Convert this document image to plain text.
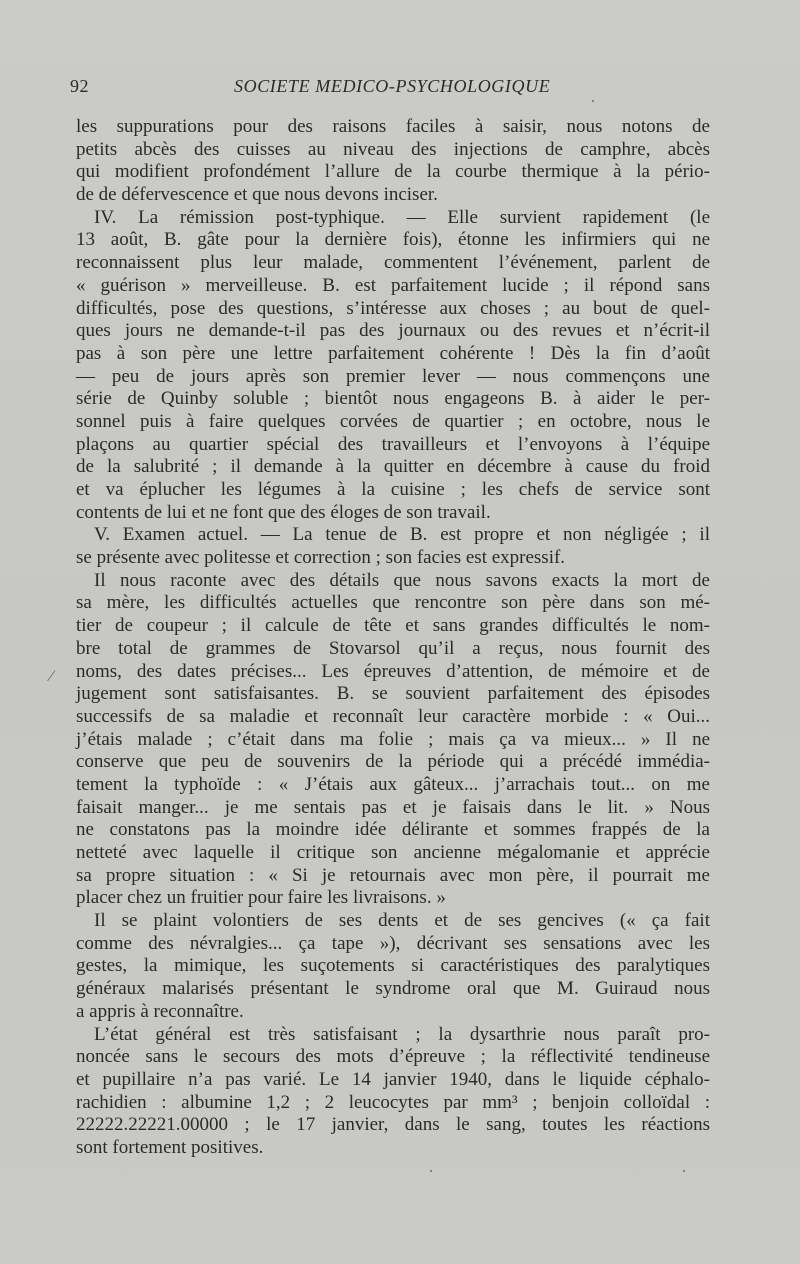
92	SOCIETE MEDICO-PSYCHOLOGIQUE
⁄
les suppurations pour des raisons faciles à saisir, nous notons de
petits abcès des cuisses au niveau des injections de camphre, abcès
qui modifient profondément l’allure de la courbe thermique à la pério-
de de défervescence et que nous devons inciser.
IV. La rémission post-typhique. — Elle survient rapidement (le
13 août, B. gâte pour la dernière fois), étonne les infirmiers qui ne
reconnaissent plus leur malade, commentent l’événement, parlent de
« guérison » merveilleuse. B. est parfaitement lucide ; il répond sans
difficultés, pose des questions, s’intéresse aux choses ; au bout de quel-
ques jours ne demande-t-il pas des journaux ou des revues et n’écrit-il
pas à son père une lettre parfaitement cohérente ! Dès la fin d’août
— peu de jours après son premier lever — nous commençons une
série de Quinby soluble ; bientôt nous engageons B. à aider le per-
sonnel puis à faire quelques corvées de quartier ; en octobre, nous le
plaçons au quartier spécial des travailleurs et l’envoyons à l’équipe
de la salubrité ; il demande à la quitter en décembre à cause du froid
et va éplucher les légumes à la cuisine ; les chefs de service sont
contents de lui et ne font que des éloges de son travail.
V. Examen actuel. — La tenue de B. est propre et non négligée ; il
se présente avec politesse et correction ; son facies est expressif.
Il nous raconte avec des détails que nous savons exacts la mort de
sa mère, les difficultés actuelles que rencontre son père dans son mé-
tier de coupeur ; il calcule de tête et sans grandes difficultés le nom-
bre total de grammes de Stovarsol qu’il a reçus, nous fournit des
noms, des dates précises... Les épreuves d’attention, de mémoire et de
jugement sont satisfaisantes. B. se souvient parfaitement des épisodes
successifs de sa maladie et reconnaît leur caractère morbide : « Oui...
j’étais malade ; c’était dans ma folie ; mais ça va mieux... » Il ne
conserve que peu de souvenirs de la période qui a précédé immédia-
tement la typhoïde : « J’étais aux gâteux... j’arrachais tout... on me
faisait manger... je me sentais pas et je faisais dans le lit. » Nous
ne constatons pas la moindre idée délirante et sommes frappés de la
netteté avec laquelle il critique son ancienne mégalomanie et apprécie
sa propre situation : « Si je retournais avec mon père, il pourrait me
placer chez un fruitier pour faire les livraisons. »
Il se plaint volontiers de ses dents et de ses gencives (« ça fait
comme des névralgies... ça tape »), décrivant ses sensations avec les
gestes, la mimique, les suçotements si caractéristiques des paralytiques
généraux malarisés présentant le syndrome oral que M. Guiraud nous
a appris à reconnaître.
L’état général est très satisfaisant ; la dysarthrie nous paraît pro-
noncée sans le secours des mots d’épreuve ; la réflectivité tendineuse
et pupillaire n’a pas varié. Le 14 janvier 1940, dans le liquide céphalo-
rachidien : albumine 1,2 ; 2 leucocytes par mm³ ; benjoin colloïdal :
22222.22221.00000 ; le 17 janvier, dans le sang, toutes les réactions
sont fortement positives.
